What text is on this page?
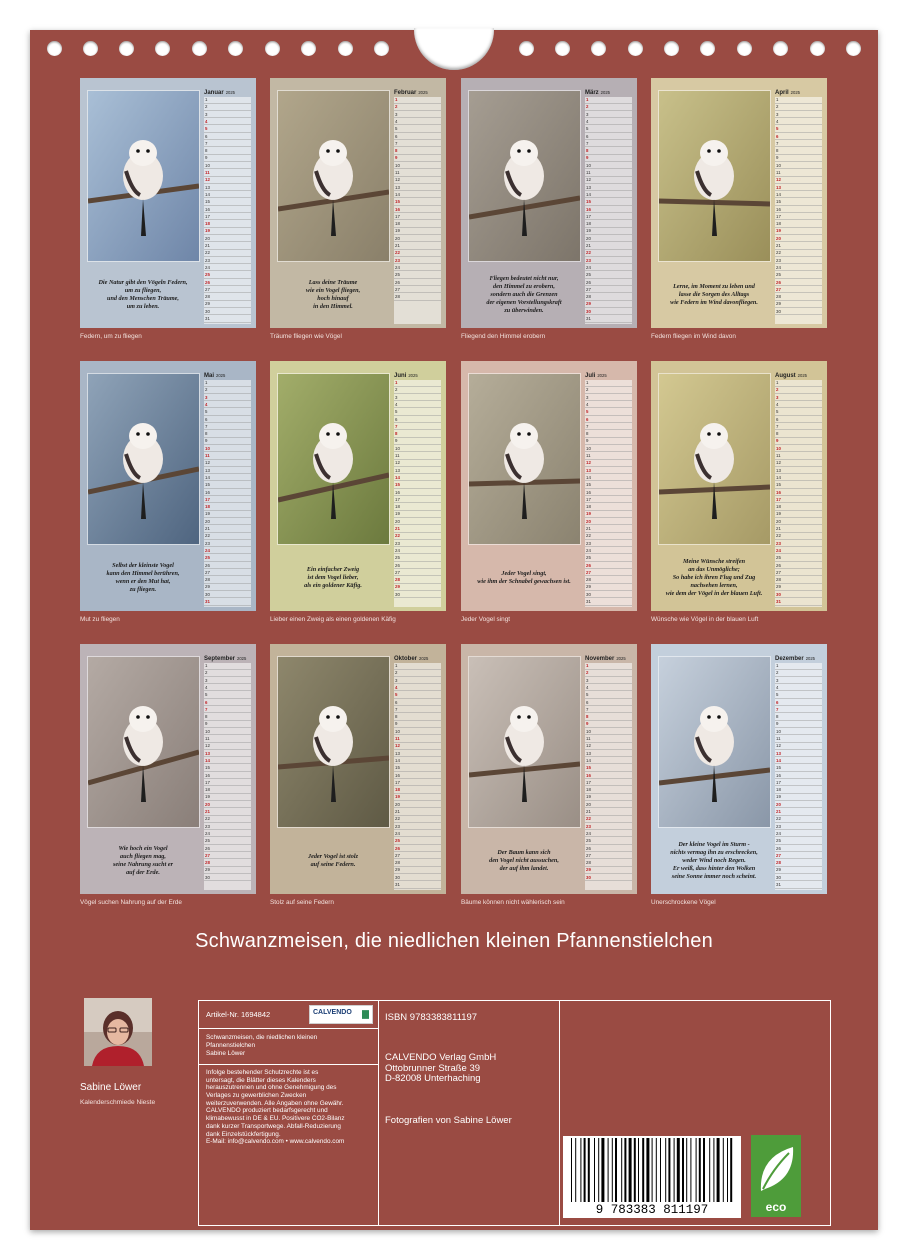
Die Natur gibt den Vögeln Federn,
um zu fliegen,
und den Menschen Träume,
um zu leben.
Januar 2025
1
2
3
4
5
6
7
8
9
10
11
12
13
14
15
16
17
18
19
20
21
22
23
24
25
26
27
28
29
30
31
Federn, um zu fliegen
Lass deine Träume
wie ein Vogel fliegen,
hoch hinauf
in den Himmel.
Februar 2025
1
2
3
4
5
6
7
8
9
10
11
12
13
14
15
16
17
18
19
20
21
22
23
24
25
26
27
28
Träume fliegen wie Vögel
Fliegen bedeutet nicht nur,
den Himmel zu erobern,
sondern auch die Grenzen
der eigenen Vorstellungskraft
zu überwinden.
März 2025
1
2
3
4
5
6
7
8
9
10
11
12
13
14
15
16
17
18
19
20
21
22
23
24
25
26
27
28
29
30
31
Fliegend den Himmel erobern
Lerne, im Moment zu leben und
lasse die Sorgen des Alltags
wie Federn im Wind davonfliegen.
April 2025
1
2
3
4
5
6
7
8
9
10
11
12
13
14
15
16
17
18
19
20
21
22
23
24
25
26
27
28
29
30
Federn fliegen im Wind davon
Selbst der kleinste Vogel
kann den Himmel berühren,
wenn er den Mut hat,
zu fliegen.
Mai 2025
1
2
3
4
5
6
7
8
9
10
11
12
13
14
15
16
17
18
19
20
21
22
23
24
25
26
27
28
29
30
31
Mut zu fliegen
Ein einfacher Zweig
ist dem Vogel lieber,
als ein goldener Käfig.
Juni 2025
1
2
3
4
5
6
7
8
9
10
11
12
13
14
15
16
17
18
19
20
21
22
23
24
25
26
27
28
29
30
Lieber einen Zweig als einen goldenen Käfig
Jeder Vogel singt,
wie ihm der Schnabel gewachsen ist.
Juli 2025
1
2
3
4
5
6
7
8
9
10
11
12
13
14
15
16
17
18
19
20
21
22
23
24
25
26
27
28
29
30
31
Jeder Vogel singt
Meine Wünsche streifen
an das Unmögliche;
So habe ich ihren Flug und Zug
nachsehen lernen,
wie dem der Vögel in der blauen Luft.
August 2025
1
2
3
4
5
6
7
8
9
10
11
12
13
14
15
16
17
18
19
20
21
22
23
24
25
26
27
28
29
30
31
Wünsche wie Vögel in der blauen Luft
Wie hoch ein Vogel
auch fliegen mag,
seine Nahrung sucht er
auf der Erde.
September 2025
1
2
3
4
5
6
7
8
9
10
11
12
13
14
15
16
17
18
19
20
21
22
23
24
25
26
27
28
29
30
Vögel suchen Nahrung auf der Erde
Jeder Vogel ist stolz
auf seine Federn.
Oktober 2025
1
2
3
4
5
6
7
8
9
10
11
12
13
14
15
16
17
18
19
20
21
22
23
24
25
26
27
28
29
30
31
Stolz auf seine Federn
Der Baum kann sich
den Vogel nicht aussuchen,
der auf ihm landet.
November 2025
1
2
3
4
5
6
7
8
9
10
11
12
13
14
15
16
17
18
19
20
21
22
23
24
25
26
27
28
29
30
Bäume können nicht wählerisch sein
Der kleine Vogel im Sturm -
nichts vermag ihn zu erschrecken,
weder Wind noch Regen.
Er weiß, dass hinter den Wolken
seine Sonne immer noch scheint.
Dezember 2025
1
2
3
4
5
6
7
8
9
10
11
12
13
14
15
16
17
18
19
20
21
22
23
24
25
26
27
28
29
30
31
Unerschrockene Vögel
Schwanzmeisen, die niedlichen kleinen Pfannenstielchen
Sabine Löwer
Kalenderschmiede Nieste
Artikel-Nr. 1694842	CALVENDO
Schwanzmeisen, die niedlichen kleinen
Pfannenstielchen
Sabine Löwer
Infolge bestehender Schutzrechte ist es
untersagt, die Blätter dieses Kalenders
herauszutrennen und ohne Genehmigung des
Verlages zu gewerblichen Zwecken
weiterzuverwenden. Alle Angaben ohne Gewähr.
CALVENDO produziert bedarfsgerecht und
klimabewusst in DE & EU. Positivere CO2-Bilanz
dank kurzer Transportwege. Abfall-Reduzierung
dank Einzelstückfertigung.
E-Mail: info@calvendo.com • www.calvendo.com
ISBN 9783383811197
CALVENDO Verlag GmbH
Ottobrunner Straße 39
D-82008 Unterhaching
Fotografien von Sabine Löwer
9 783383 811197	eco
